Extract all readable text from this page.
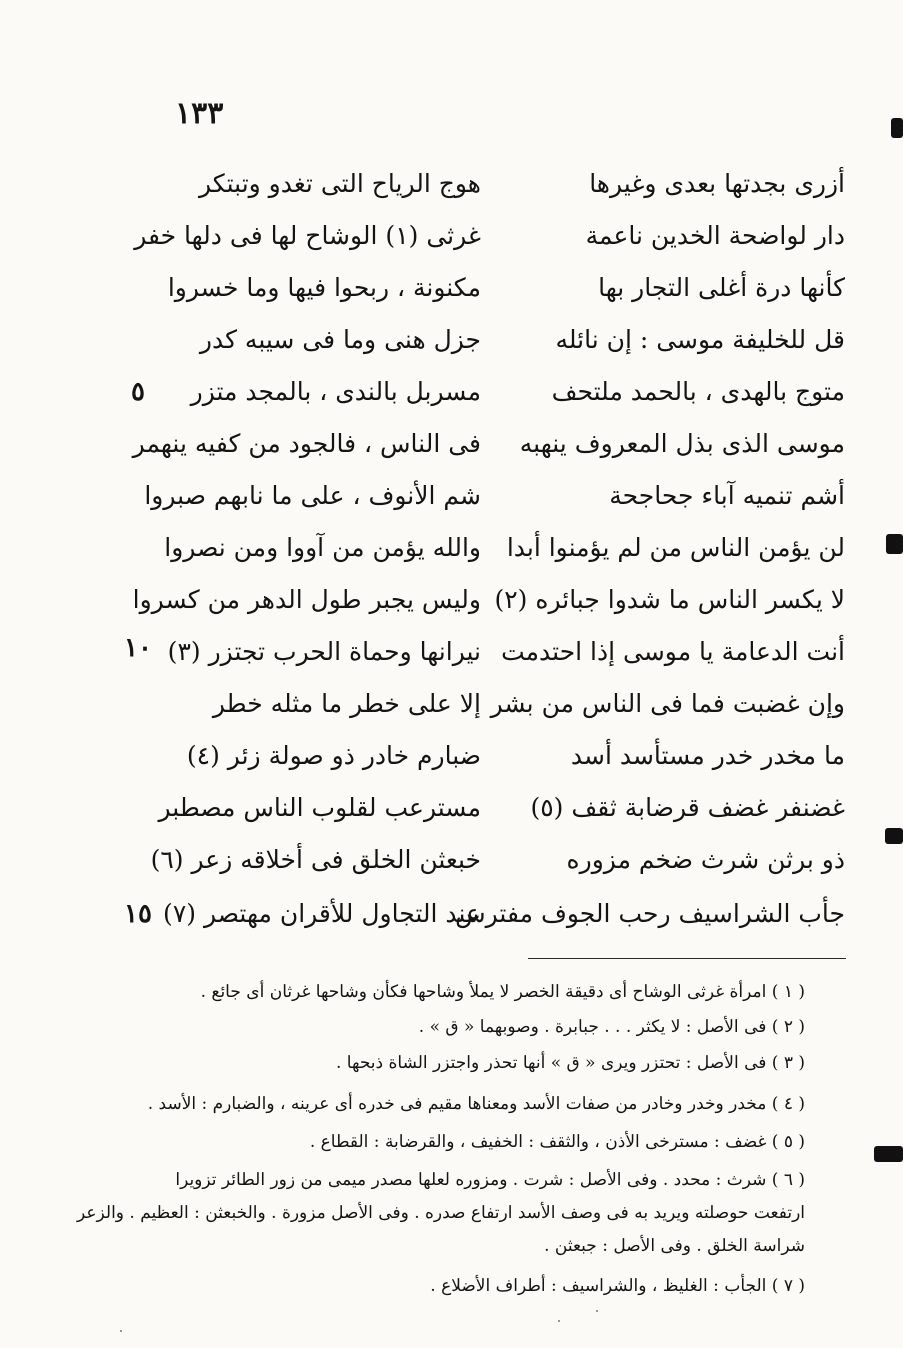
١٣٣
أزرى بجدتها بعدى وغيرها
هوج الرياح التى تغدو وتبتكر
دار لواضحة الخدين ناعمة
غرثى (١) الوشاح لها فى دلها خفر
كأنها درة أغلى التجار بها
مكنونة ، ربحوا فيها وما خسروا
قل للخليفة موسى : إن نائله
جزل هنى وما فى سيبه كدر
متوج بالهدى ، بالحمد ملتحف
مسربل بالندى ، بالمجد متزر
٥
موسى الذى بذل المعروف ينهبه
فى الناس ، فالجود من كفيه ينهمر
أشم تنميه آباء جحاجحة
شم الأنوف ، على ما نابهم صبروا
لن يؤمن الناس من لم يؤمنوا أبدا
والله يؤمن من آووا ومن نصروا
لا يكسر الناس ما شدوا جبائره (٢)
وليس يجبر طول الدهر من كسروا
أنت الدعامة يا موسى إذا احتدمت
نيرانها وحماة الحرب تجتزر (٣)
١٠
وإن غضبت فما فى الناس من بشر
إلا على خطر ما مثله خطر
ما مخدر خدر مستأسد أسد
ضبارم خادر ذو صولة زئر (٤)
غضنفر غضف قرضابة ثقف (٥)
مسترعب لقلوب الناس مصطبر
ذو برثن شرث ضخم مزوره
خبعثن الخلق فى أخلاقه زعر (٦)
جأب الشراسيف رحب الجوف مفترس
عند التجاول للأقران مهتصر (٧)
١٥
( ١ ) امرأة غرثى الوشاح أى دقيقة الخصر لا يملأ وشاحها فكأن وشاحها غرثان أى جائع .
( ٢ ) فى الأصل : لا يكثر . . . جبابرة . وصوبهما « ق » .
( ٣ ) فى الأصل : تحتزر ويرى « ق » أنها تحذر واجتزر الشاة ذبحها .
( ٤ ) مخدر وخدر وخادر من صفات الأسد ومعناها مقيم فى خدره أى عرينه ، والضبارم : الأسد .
( ٥ ) غضف : مسترخى الأذن ، والثقف : الخفيف ، والقرضابة : القطاع .
( ٦ ) شرث : محدد . وفى الأصل : شرت . ومزوره لعلها مصدر ميمى من زور الطائر تزويرا
ارتفعت حوصلته ويريد به فى وصف الأسد ارتفاع صدره . وفى الأصل مزورة . والخبعثن : العظيم . والزعر
شراسة الخلق . وفى الأصل : جبعثن .
( ٧ ) الجأب : الغليظ ، والشراسيف : أطراف الأضلاع .
